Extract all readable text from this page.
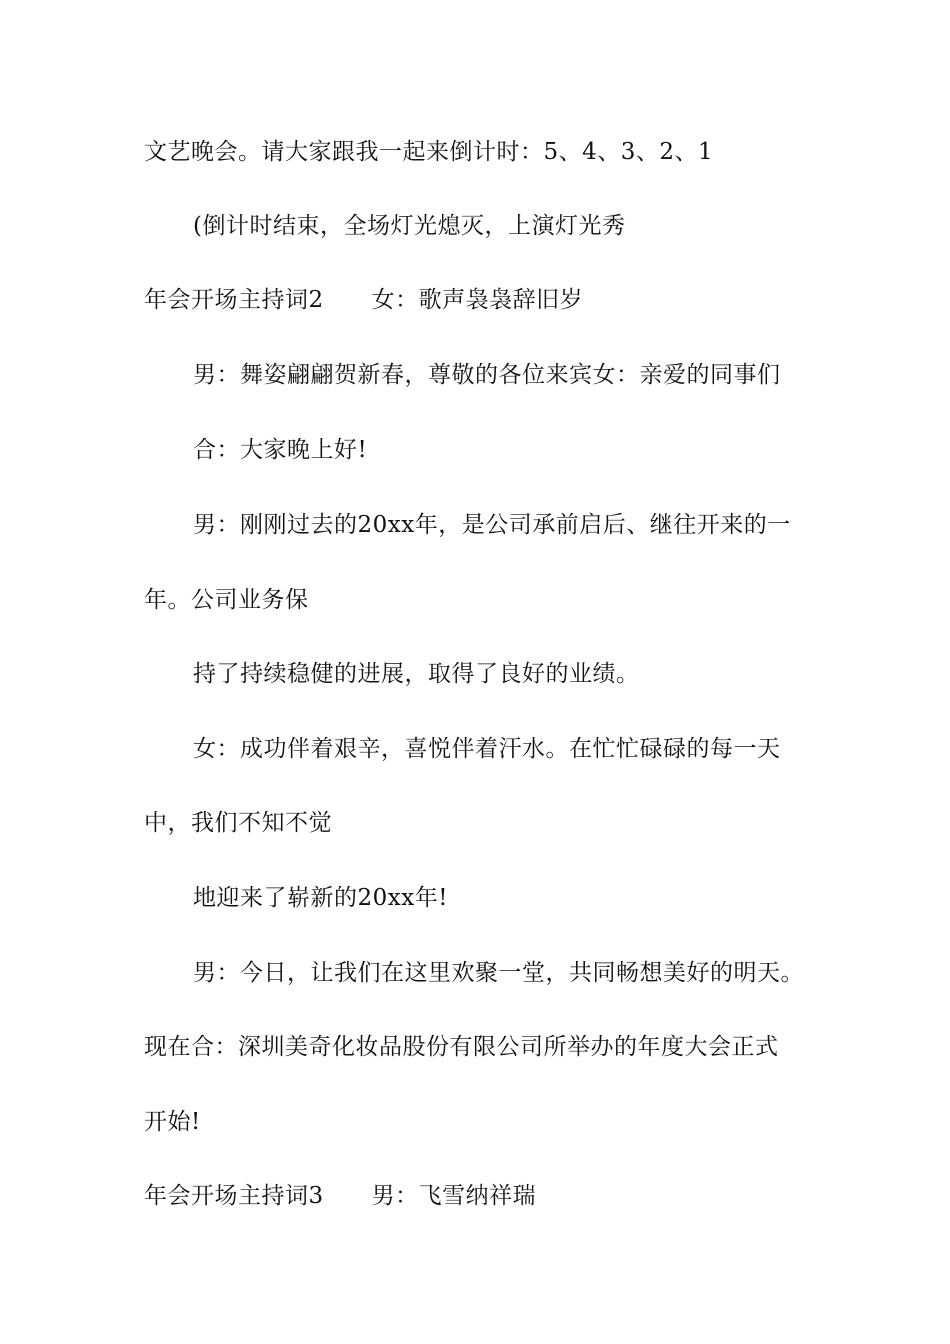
文艺晚会。请大家跟我一起来倒计时：5、4、3、2、1
(倒计时结束，全场灯光熄灭，上演灯光秀
年会开场主持词2 女：歌声袅袅辞旧岁
男：舞姿翩翩贺新春，尊敬的各位来宾女：亲爱的同事们
合：大家晚上好!
男：刚刚过去的20xx年，是公司承前启后、继往开来的一
年。公司业务保
持了持续稳健的进展，取得了良好的业绩。
女：成功伴着艰辛，喜悦伴着汗水。在忙忙碌碌的每一天
中，我们不知不觉
地迎来了崭新的20xx年!
男：今日，让我们在这里欢聚一堂，共同畅想美好的明天。
现在合：深圳美奇化妆品股份有限公司所举办的年度大会正式
开始!
年会开场主持词3 男：飞雪纳祥瑞
